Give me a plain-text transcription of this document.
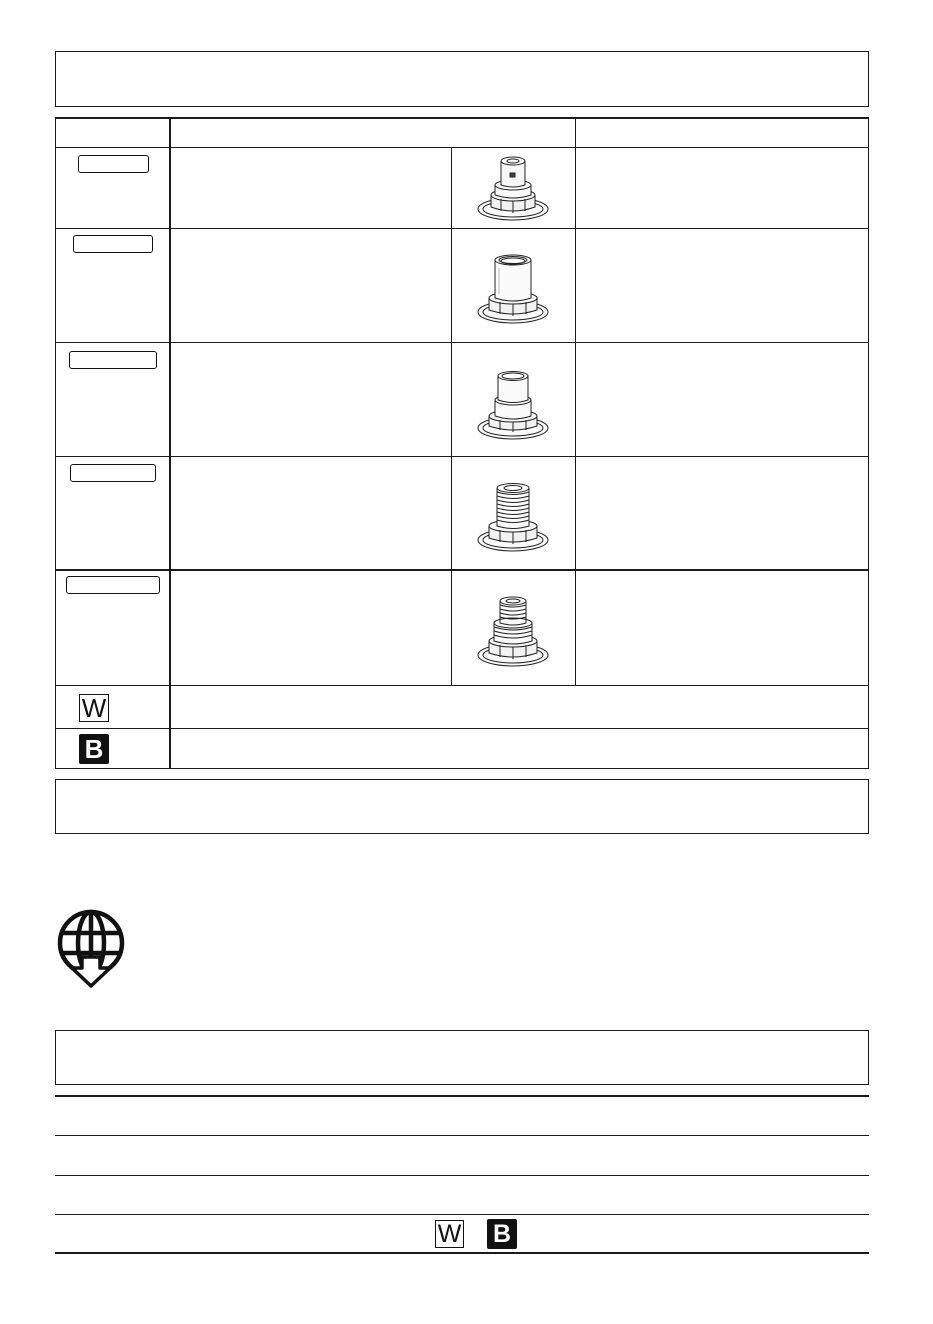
W
B
W B
